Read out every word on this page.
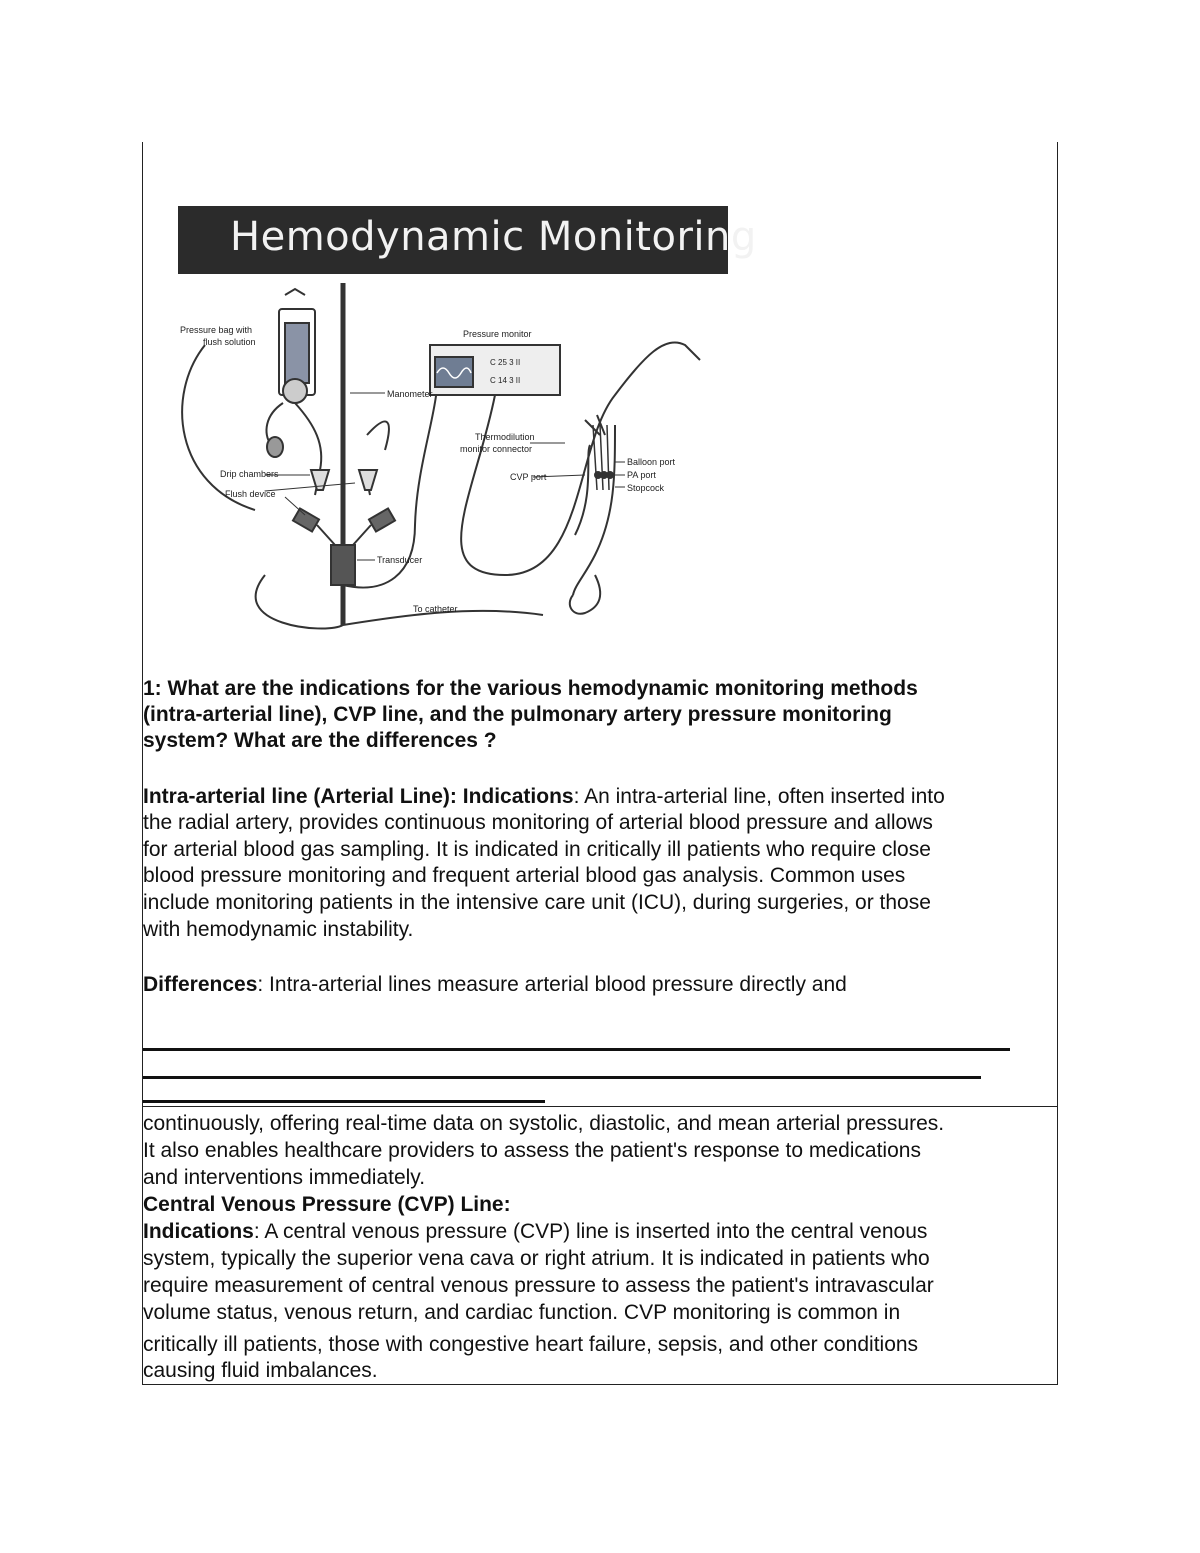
Hemodynamic Monitoring
Pressure bag with
flush solution
Pressure monitor
C 25 3 II
C 14 3 II
Manometer
Thermodilution
monitor connector
Drip chambers
Flush device
CVP port
Balloon port
PA port
Stopcock
Transducer
To catheter
1: What are the indications for the various hemodynamic monitoring methods
(intra-arterial line), CVP line, and the pulmonary artery pressure monitoring
system? What are the differences ?
Intra-arterial line (Arterial Line): Indications: An intra-arterial line, often inserted into
the radial artery, provides continuous monitoring of arterial blood pressure and allows
for arterial blood gas sampling. It is indicated in critically ill patients who require close
blood pressure monitoring and frequent arterial blood gas analysis. Common uses
include monitoring patients in the intensive care unit (ICU), during surgeries, or those
with hemodynamic instability.
Differences: Intra-arterial lines measure arterial blood pressure directly and
continuously, offering real-time data on systolic, diastolic, and mean arterial pressures.
It also enables healthcare providers to assess the patient's response to medications
and interventions immediately.
Central Venous Pressure (CVP) Line:
Indications: A central venous pressure (CVP) line is inserted into the central venous
system, typically the superior vena cava or right atrium. It is indicated in patients who
require measurement of central venous pressure to assess the patient's intravascular
volume status, venous return, and cardiac function. CVP monitoring is common in
critically ill patients, those with congestive heart failure, sepsis, and other conditions
causing fluid imbalances.
